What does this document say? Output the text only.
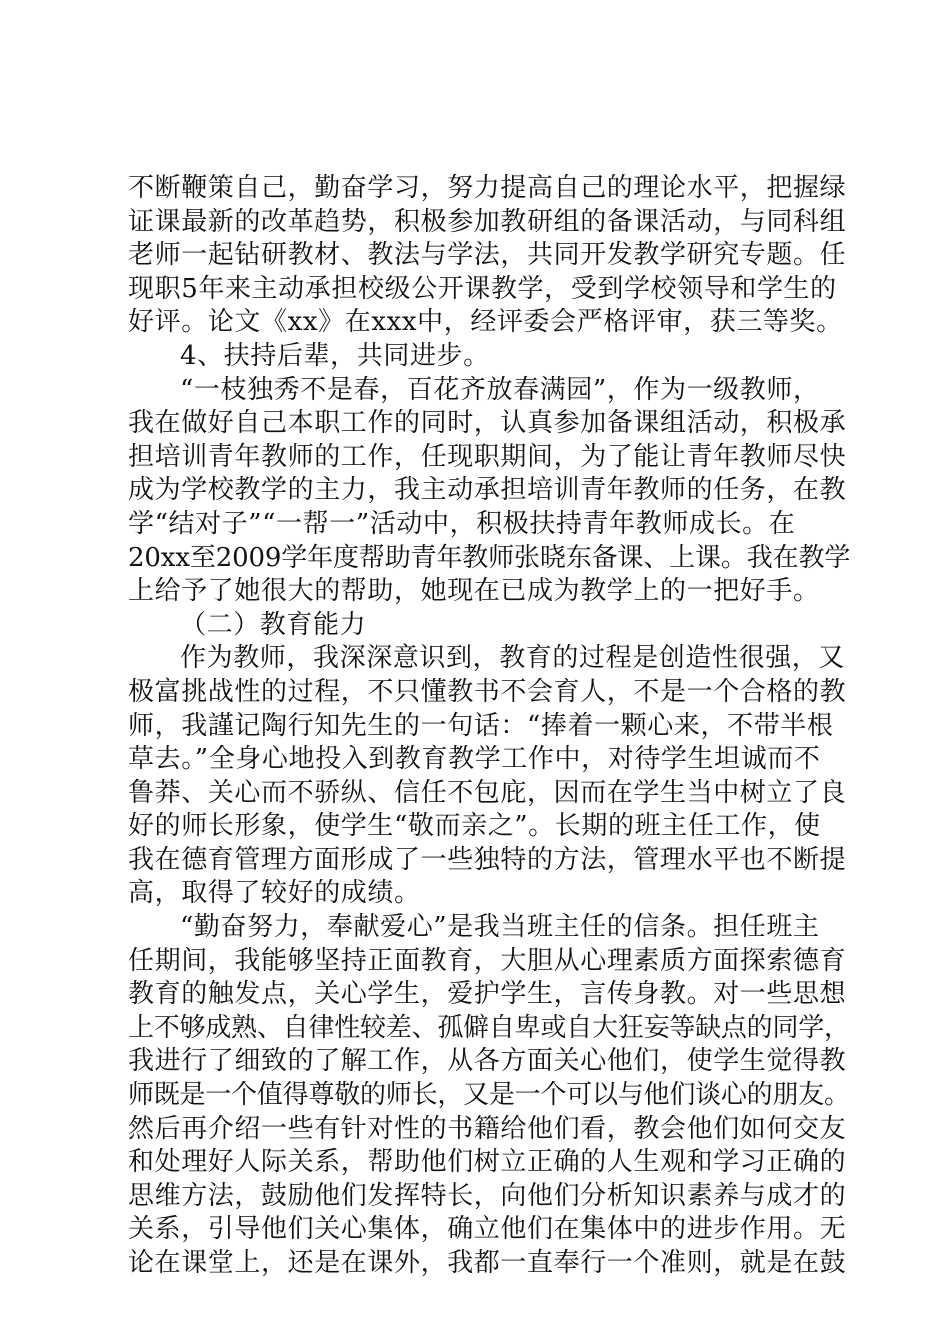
不断鞭策自己，勤奋学习，努力提高自己的理论水平，把握绿
证课最新的改革趋势，积极参加教研组的备课活动，与同科组
老师一起钻研教材、教法与学法，共同开发教学研究专题。任
现职5年来主动承担校级公开课教学，受到学校领导和学生的
好评。论文《xx》在xxx中，经评委会严格评审，获三等奖。
4、扶持后辈，共同进步。
“一枝独秀不是春，百花齐放春满园”，作为一级教师，
我在做好自己本职工作的同时，认真参加备课组活动，积极承
担培训青年教师的工作，任现职期间，为了能让青年教师尽快
成为学校教学的主力，我主动承担培训青年教师的任务，在教
学“结对子”“一帮一”活动中，积极扶持青年教师成长。在
20xx至2009学年度帮助青年教师张晓东备课、上课。我在教学
上给予了她很大的帮助，她现在已成为教学上的一把好手。
（二）教育能力
作为教师，我深深意识到，教育的过程是创造性很强，又
极富挑战性的过程，不只懂教书不会育人，不是一个合格的教
师，我謹记陶行知先生的一句话：“捧着一颗心来，不带半根
草去。”全身心地投入到教育教学工作中，对待学生坦诚而不
鲁莽、关心而不骄纵、信任不包庇，因而在学生当中树立了良
好的师长形象，使学生“敬而亲之”。长期的班主任工作，使
我在德育管理方面形成了一些独特的方法，管理水平也不断提
高，取得了较好的成绩。
“勤奋努力，奉献爱心”是我当班主任的信条。担任班主
任期间，我能够坚持正面教育，大胆从心理素质方面探索德育
教育的触发点，关心学生，爱护学生，言传身教。对一些思想
上不够成熟、自律性较差、孤僻自卑或自大狂妄等缺点的同学，
我进行了细致的了解工作，从各方面关心他们，使学生觉得教
师既是一个值得尊敬的师长，又是一个可以与他们谈心的朋友。
然后再介绍一些有针对性的书籍给他们看，教会他们如何交友
和处理好人际关系，帮助他们树立正确的人生观和学习正确的
思维方法，鼓励他们发挥特长，向他们分析知识素养与成才的
关系，引导他们关心集体，确立他们在集体中的进步作用。无
论在课堂上，还是在课外，我都一直奉行一个准则，就是在鼓
